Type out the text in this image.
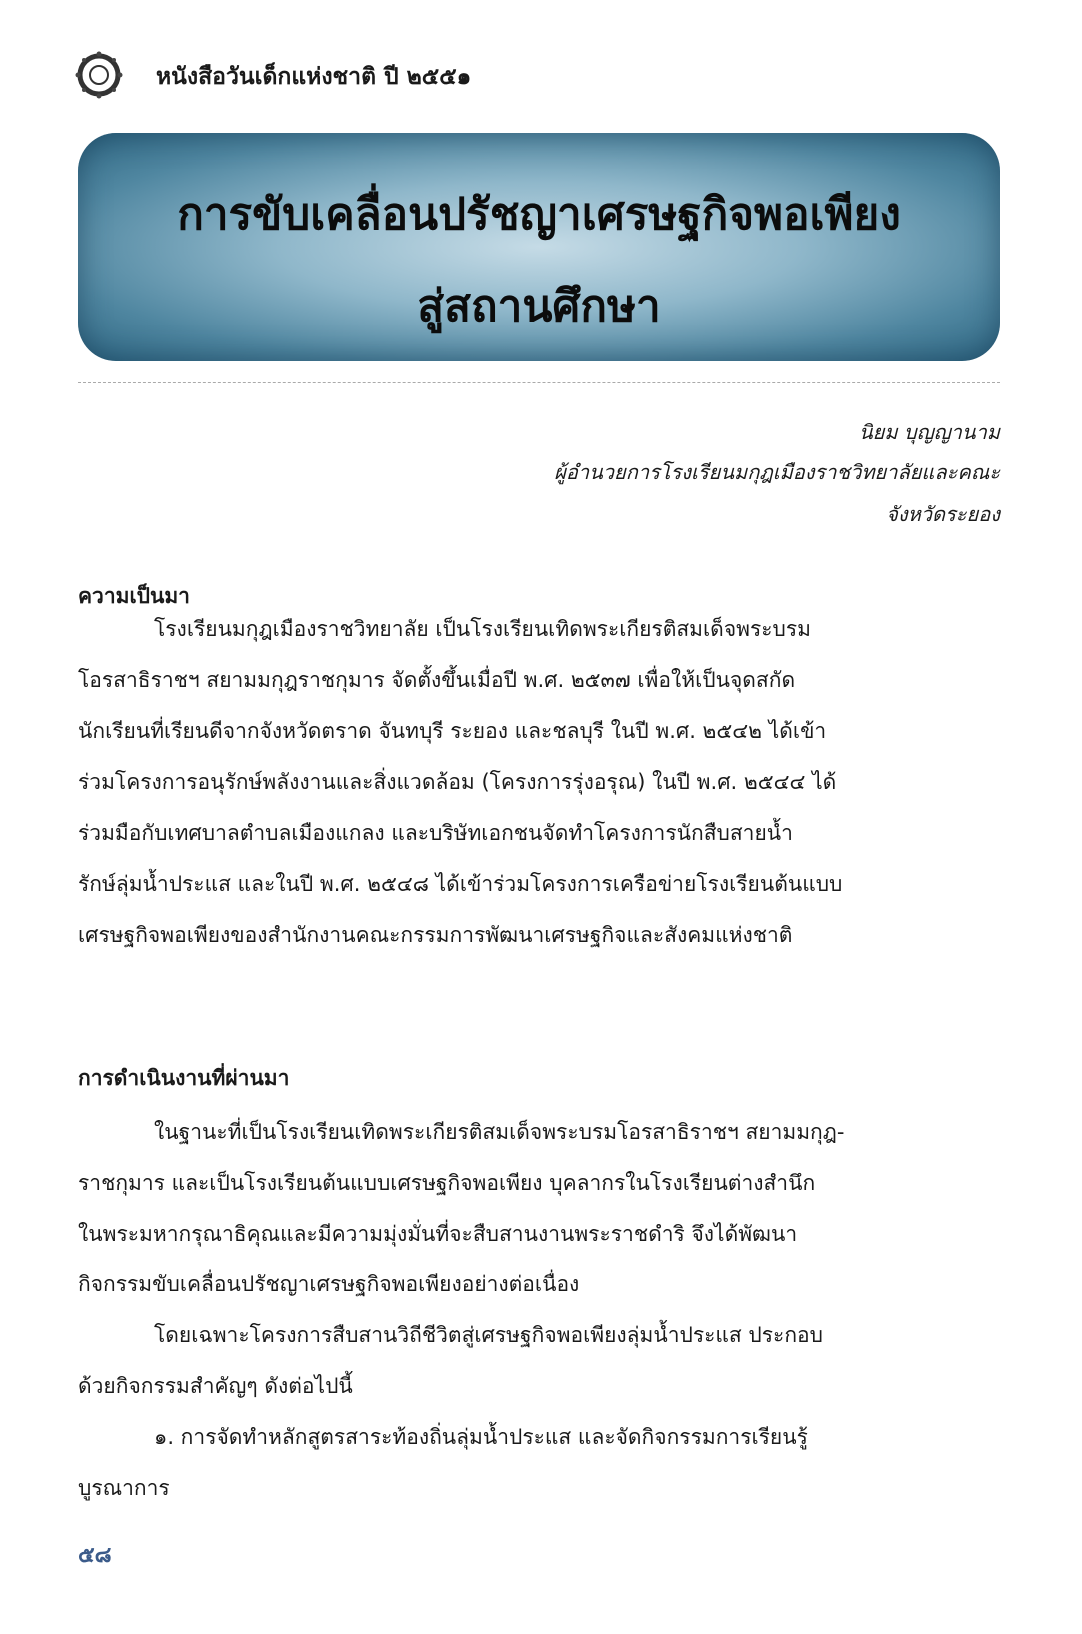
หนังสือวันเด็กแห่งชาติ ปี ๒๕๕๑
การขับเคลื่อนปรัชญาเศรษฐกิจพอเพียง
สู่สถานศึกษา
นิยม บุญญานาม
ผู้อำนวยการโรงเรียนมกุฎเมืองราชวิทยาลัยและคณะ
จังหวัดระยอง
ความเป็นมา
โรงเรียนมกุฎเมืองราชวิทยาลัย เป็นโรงเรียนเทิดพระเกียรติสมเด็จพระบรม
โอรสาธิราชฯ สยามมกุฎราชกุมาร จัดตั้งขึ้นเมื่อปี พ.ศ. ๒๕๓๗ เพื่อให้เป็นจุดสกัด
นักเรียนที่เรียนดีจากจังหวัดตราด จันทบุรี ระยอง และชลบุรี ในปี พ.ศ. ๒๕๔๒ ได้เข้า
ร่วมโครงการอนุรักษ์พลังงานและสิ่งแวดล้อม (โครงการรุ่งอรุณ) ในปี พ.ศ. ๒๕๔๔ ได้
ร่วมมือกับเทศบาลตำบลเมืองแกลง และบริษัทเอกชนจัดทำโครงการนักสืบสายน้ำ
รักษ์ลุ่มน้ำประแส และในปี พ.ศ. ๒๕๔๘ ได้เข้าร่วมโครงการเครือข่ายโรงเรียนต้นแบบ
เศรษฐกิจพอเพียงของสำนักงานคณะกรรมการพัฒนาเศรษฐกิจและสังคมแห่งชาติ
การดำเนินงานที่ผ่านมา
ในฐานะที่เป็นโรงเรียนเทิดพระเกียรติสมเด็จพระบรมโอรสาธิราชฯ สยามมกุฎ-
ราชกุมาร และเป็นโรงเรียนต้นแบบเศรษฐกิจพอเพียง บุคลากรในโรงเรียนต่างสำนึก
ในพระมหากรุณาธิคุณและมีความมุ่งมั่นที่จะสืบสานงานพระราชดำริ จึงได้พัฒนา
กิจกรรมขับเคลื่อนปรัชญาเศรษฐกิจพอเพียงอย่างต่อเนื่อง
โดยเฉพาะโครงการสืบสานวิถีชีวิตสู่เศรษฐกิจพอเพียงลุ่มน้ำประแส ประกอบ
ด้วยกิจกรรมสำคัญๆ ดังต่อไปนี้
๑. การจัดทำหลักสูตรสาระท้องถิ่นลุ่มน้ำประแส และจัดกิจกรรมการเรียนรู้
บูรณาการ
๕๘
